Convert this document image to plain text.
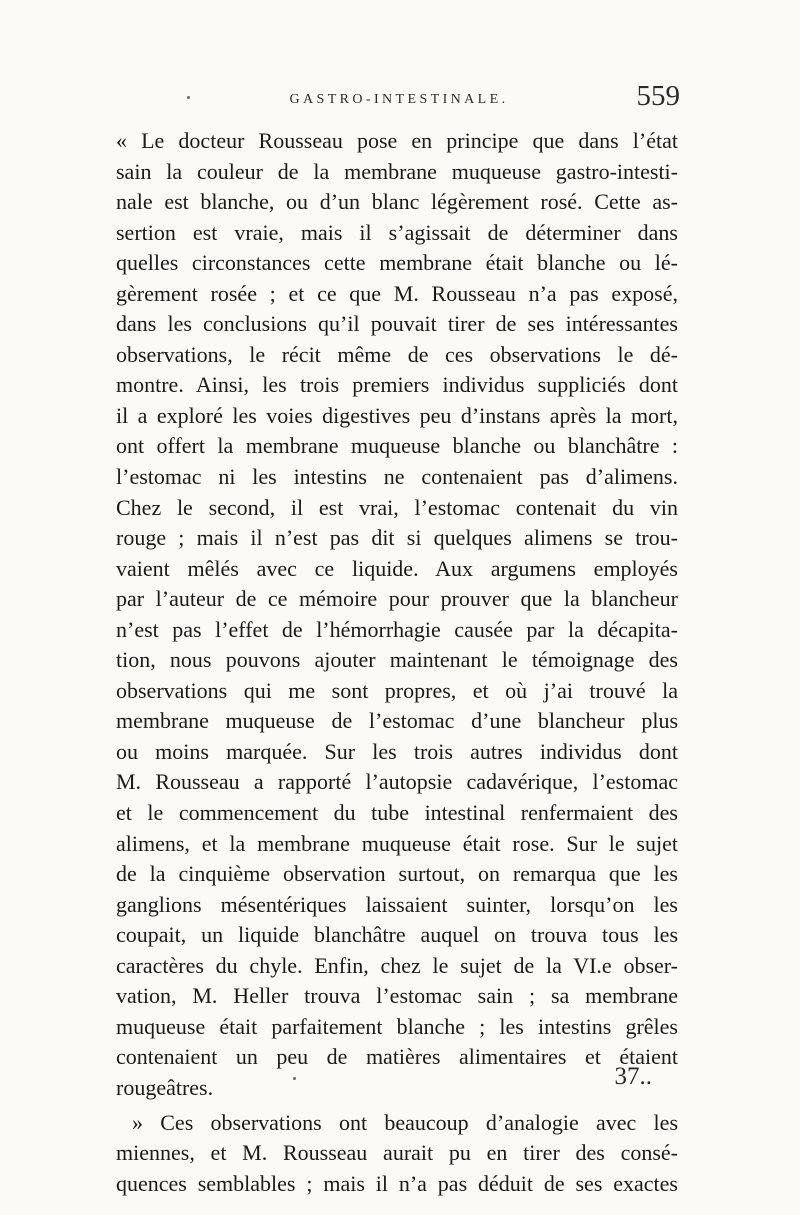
GASTRO-INTESTINALE.	559
« Le docteur Rousseau pose en principe que dans l’état
sain la couleur de la membrane muqueuse gastro-intesti-
nale est blanche, ou d’un blanc légèrement rosé. Cette as-
sertion est vraie, mais il s’agissait de déterminer dans
quelles circonstances cette membrane était blanche ou lé-
gèrement rosée ; et ce que M. Rousseau n’a pas exposé,
dans les conclusions qu’il pouvait tirer de ses intéressantes
observations, le récit même de ces observations le dé-
montre. Ainsi, les trois premiers individus suppliciés dont
il a exploré les voies digestives peu d’instans après la mort,
ont offert la membrane muqueuse blanche ou blanchâtre :
l’estomac ni les intestins ne contenaient pas d’alimens.
Chez le second, il est vrai, l’estomac contenait du vin
rouge ; mais il n’est pas dit si quelques alimens se trou-
vaient mêlés avec ce liquide. Aux argumens employés
par l’auteur de ce mémoire pour prouver que la blancheur
n’est pas l’effet de l’hémorrhagie causée par la décapita-
tion, nous pouvons ajouter maintenant le témoignage des
observations qui me sont propres, et où j’ai trouvé la
membrane muqueuse de l’estomac d’une blancheur plus
ou moins marquée. Sur les trois autres individus dont
M. Rousseau a rapporté l’autopsie cadavérique, l’estomac
et le commencement du tube intestinal renfermaient des
alimens, et la membrane muqueuse était rose. Sur le sujet
de la cinquième observation surtout, on remarqua que les
ganglions mésentériques laissaient suinter, lorsqu’on les
coupait, un liquide blanchâtre auquel on trouva tous les
caractères du chyle. Enfin, chez le sujet de la VI.e obser-
vation, M. Heller trouva l’estomac sain ; sa membrane
muqueuse était parfaitement blanche ; les intestins grêles
contenaient un peu de matières alimentaires et étaient
rougeâtres.
» Ces observations ont beaucoup d’analogie avec les
miennes, et M. Rousseau aurait pu en tirer des consé-
quences semblables ; mais il n’a pas déduit de ses exactes
37..
